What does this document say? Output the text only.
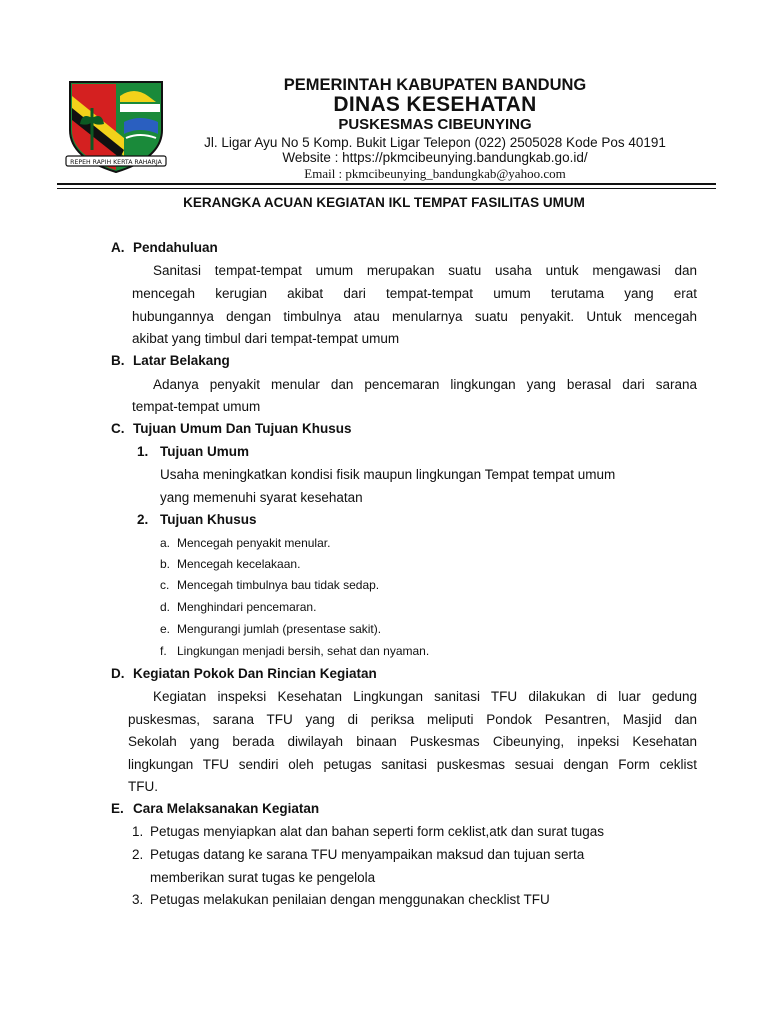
REPEH RAPIH KERTA RAHARJA
PEMERINTAH KABUPATEN BANDUNG
DINAS KESEHATAN
PUSKESMAS CIBEUNYING
Jl. Ligar Ayu No 5 Komp. Bukit Ligar Telepon (022) 2505028 Kode Pos 40191
Website : https://pkmcibeunying.bandungkab.go.id/
Email : pkmcibeunying_bandungkab@yahoo.com
KERANGKA ACUAN KEGIATAN IKL TEMPAT FASILITAS UMUM
A. Pendahuluan
Sanitasi tempat-tempat umum merupakan suatu usaha untuk mengawasi dan
mencegah kerugian akibat dari tempat-tempat umum terutama yang erat
hubungannya dengan timbulnya atau menularnya suatu penyakit. Untuk mencegah
akibat yang timbul dari tempat-tempat umum
B. Latar Belakang
Adanya penyakit menular dan pencemaran lingkungan yang berasal dari sarana
tempat-tempat umum
C. Tujuan Umum Dan Tujuan Khusus
1. Tujuan Umum
Usaha meningkatkan kondisi fisik maupun lingkungan Tempat tempat umum
yang memenuhi syarat kesehatan
2. Tujuan Khusus
a. Mencegah penyakit menular.
b. Mencegah kecelakaan.
c. Mencegah timbulnya bau tidak sedap.
d. Menghindari pencemaran.
e. Mengurangi jumlah (presentase sakit).
f. Lingkungan menjadi bersih, sehat dan nyaman.
D. Kegiatan Pokok Dan Rincian Kegiatan
Kegiatan inspeksi Kesehatan Lingkungan sanitasi TFU dilakukan di luar gedung
puskesmas, sarana TFU yang di periksa meliputi Pondok Pesantren, Masjid dan
Sekolah yang berada diwilayah binaan Puskesmas Cibeunying, inpeksi Kesehatan
lingkungan TFU sendiri oleh petugas sanitasi puskesmas sesuai dengan Form ceklist
TFU.
E. Cara Melaksanakan Kegiatan
1. Petugas menyiapkan alat dan bahan seperti form ceklist,atk dan surat tugas
2. Petugas datang ke sarana TFU menyampaikan maksud dan tujuan serta
memberikan surat tugas ke pengelola
3. Petugas melakukan penilaian dengan menggunakan checklist TFU
